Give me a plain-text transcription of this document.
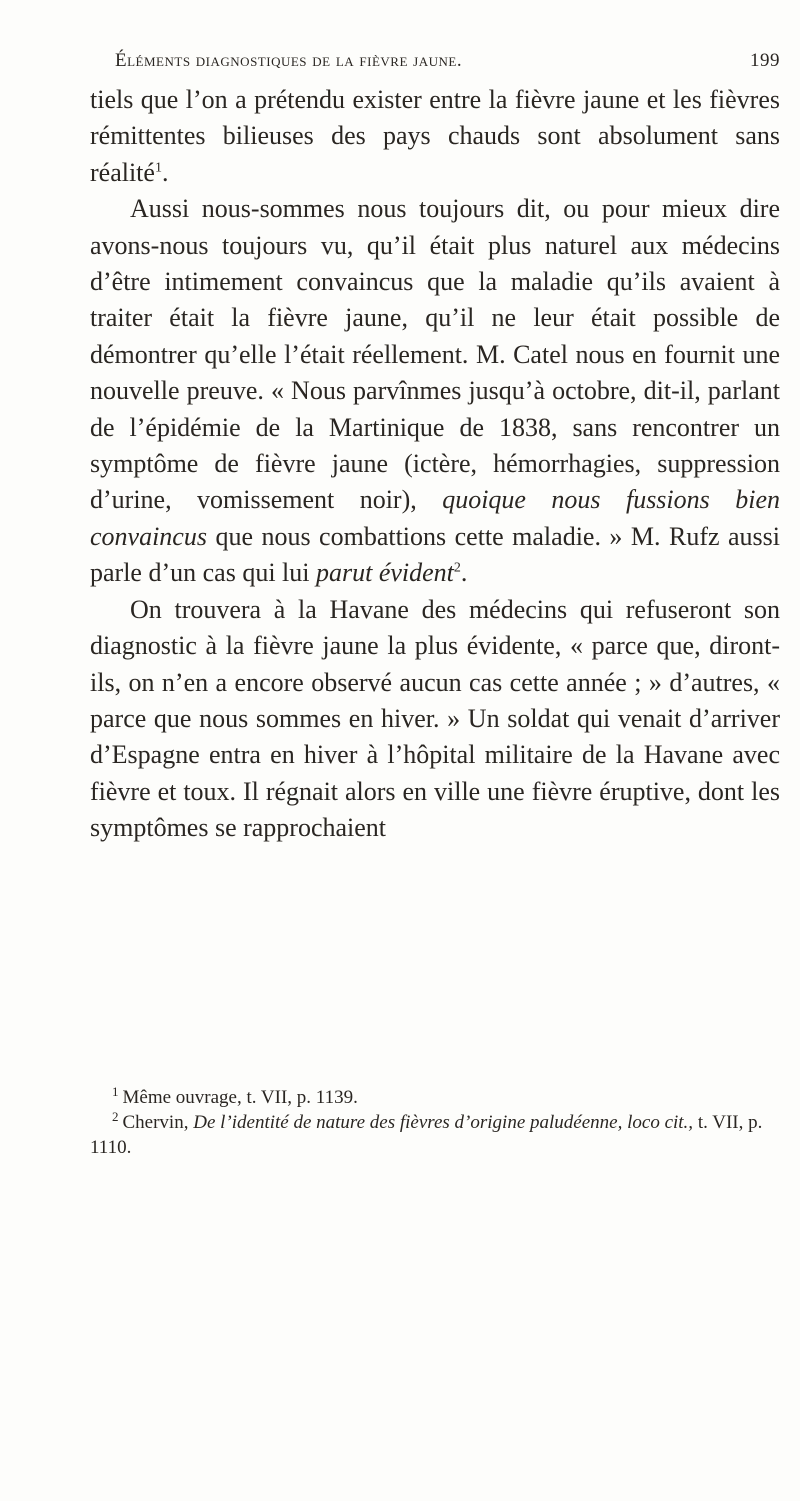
Éléments diagnostiques de la fièvre jaune.	199

tiels que l’on a prétendu exister entre la fièvre jaune et les fièvres rémittentes bilieuses des pays chauds sont absolument sans réalité$^1$.

Aussi nous-sommes nous toujours dit, ou pour mieux dire avons-nous toujours vu, qu’il était plus naturel aux médecins d’être intimement convaincus que la maladie qu’ils avaient à traiter était la fièvre jaune, qu’il ne leur était possible de démontrer qu’elle l’était réellement. M. Catel nous en fournit une nouvelle preuve. « Nous parvînmes jusqu’à octobre, dit-il, parlant de l’épidémie de la Martinique de 1838, sans rencontrer un symptôme de fièvre jaune (ictère, hémorrhagies, suppression d’urine, vomissement noir), quoique nous fussions bien convaincus que nous combattions cette maladie. » M. Rufz aussi parle d’un cas qui lui parut évident$^2$.

On trouvera à la Havane des médecins qui refuseront son diagnostic à la fièvre jaune la plus évidente, « parce que, diront-ils, on n’en a encore observé aucun cas cette année ; » d’autres, « parce que nous sommes en hiver. » Un soldat qui venait d’arriver d’Espagne entra en hiver à l’hôpital militaire de la Havane avec fièvre et toux. Il régnait alors en ville une fièvre éruptive, dont les symptômes se rapprochaient

$^1$ Même ouvrage, t. VII, p. 1139.

$^2$ Chervin, De l’identité de nature des fièvres d’origine paludéenne, loco cit., t. VII, p. 1110.
